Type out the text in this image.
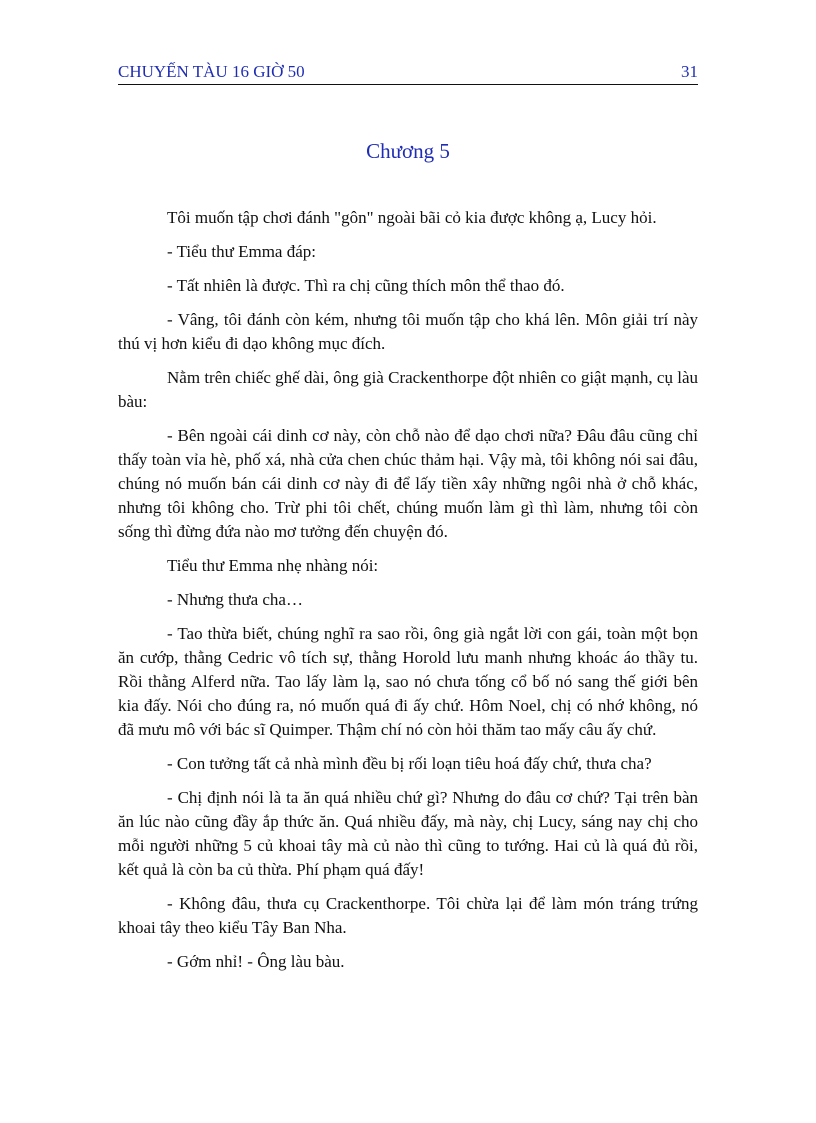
CHUYẾN TÀU 16 GIỜ 50	31
Chương 5

Tôi muốn tập chơi đánh "gôn" ngoài bãi cỏ kia được không ạ, Lucy hỏi.

- Tiểu thư Emma đáp:

- Tất nhiên là được. Thì ra chị cũng thích môn thể thao đó.

- Vâng, tôi đánh còn kém, nhưng tôi muốn tập cho khá lên. Môn giải trí này thú vị hơn kiểu đi dạo không mục đích.

Nằm trên chiếc ghế dài, ông già Crackenthorpe đột nhiên co giật mạnh, cụ làu bàu:

- Bên ngoài cái dinh cơ này, còn chỗ nào để dạo chơi nữa? Đâu đâu cũng chỉ thấy toàn vỉa hè, phố xá, nhà cửa chen chúc thảm hại. Vậy mà, tôi không nói sai đâu, chúng nó muốn bán cái dinh cơ này đi để lấy tiền xây những ngôi nhà ở chỗ khác, nhưng tôi không cho. Trừ phi tôi chết, chúng muốn làm gì thì làm, nhưng tôi còn sống thì đừng đứa nào mơ tưởng đến chuyện đó.

Tiểu thư Emma nhẹ nhàng nói:

- Nhưng thưa cha…

- Tao thừa biết, chúng nghĩ ra sao rồi, ông già ngắt lời con gái, toàn một bọn ăn cướp, thằng Cedric vô tích sự, thằng Horold lưu manh nhưng khoác áo thầy tu. Rồi thằng Alferd nữa. Tao lấy làm lạ, sao nó chưa tống cổ bố nó sang thế giới bên kia đấy. Nói cho đúng ra, nó muốn quá đi ấy chứ. Hôm Noel, chị có nhớ không, nó đã mưu mô với bác sĩ Quimper. Thậm chí nó còn hỏi thăm tao mấy câu ấy chứ.

- Con tưởng tất cả nhà mình đều bị rối loạn tiêu hoá đấy chứ, thưa cha?

- Chị định nói là ta ăn quá nhiều chứ gì? Nhưng do đâu cơ chứ? Tại trên bàn ăn lúc nào cũng đầy ắp thức ăn. Quá nhiều đấy, mà này, chị Lucy, sáng nay chị cho mỗi người những 5 củ khoai tây mà củ nào thì cũng to tướng. Hai củ là quá đủ rồi, kết quả là còn ba củ thừa. Phí phạm quá đấy!

- Không đâu, thưa cụ Crackenthorpe. Tôi chừa lại để làm món tráng trứng khoai tây theo kiểu Tây Ban Nha.

- Gớm nhỉ! - Ông làu bàu.
